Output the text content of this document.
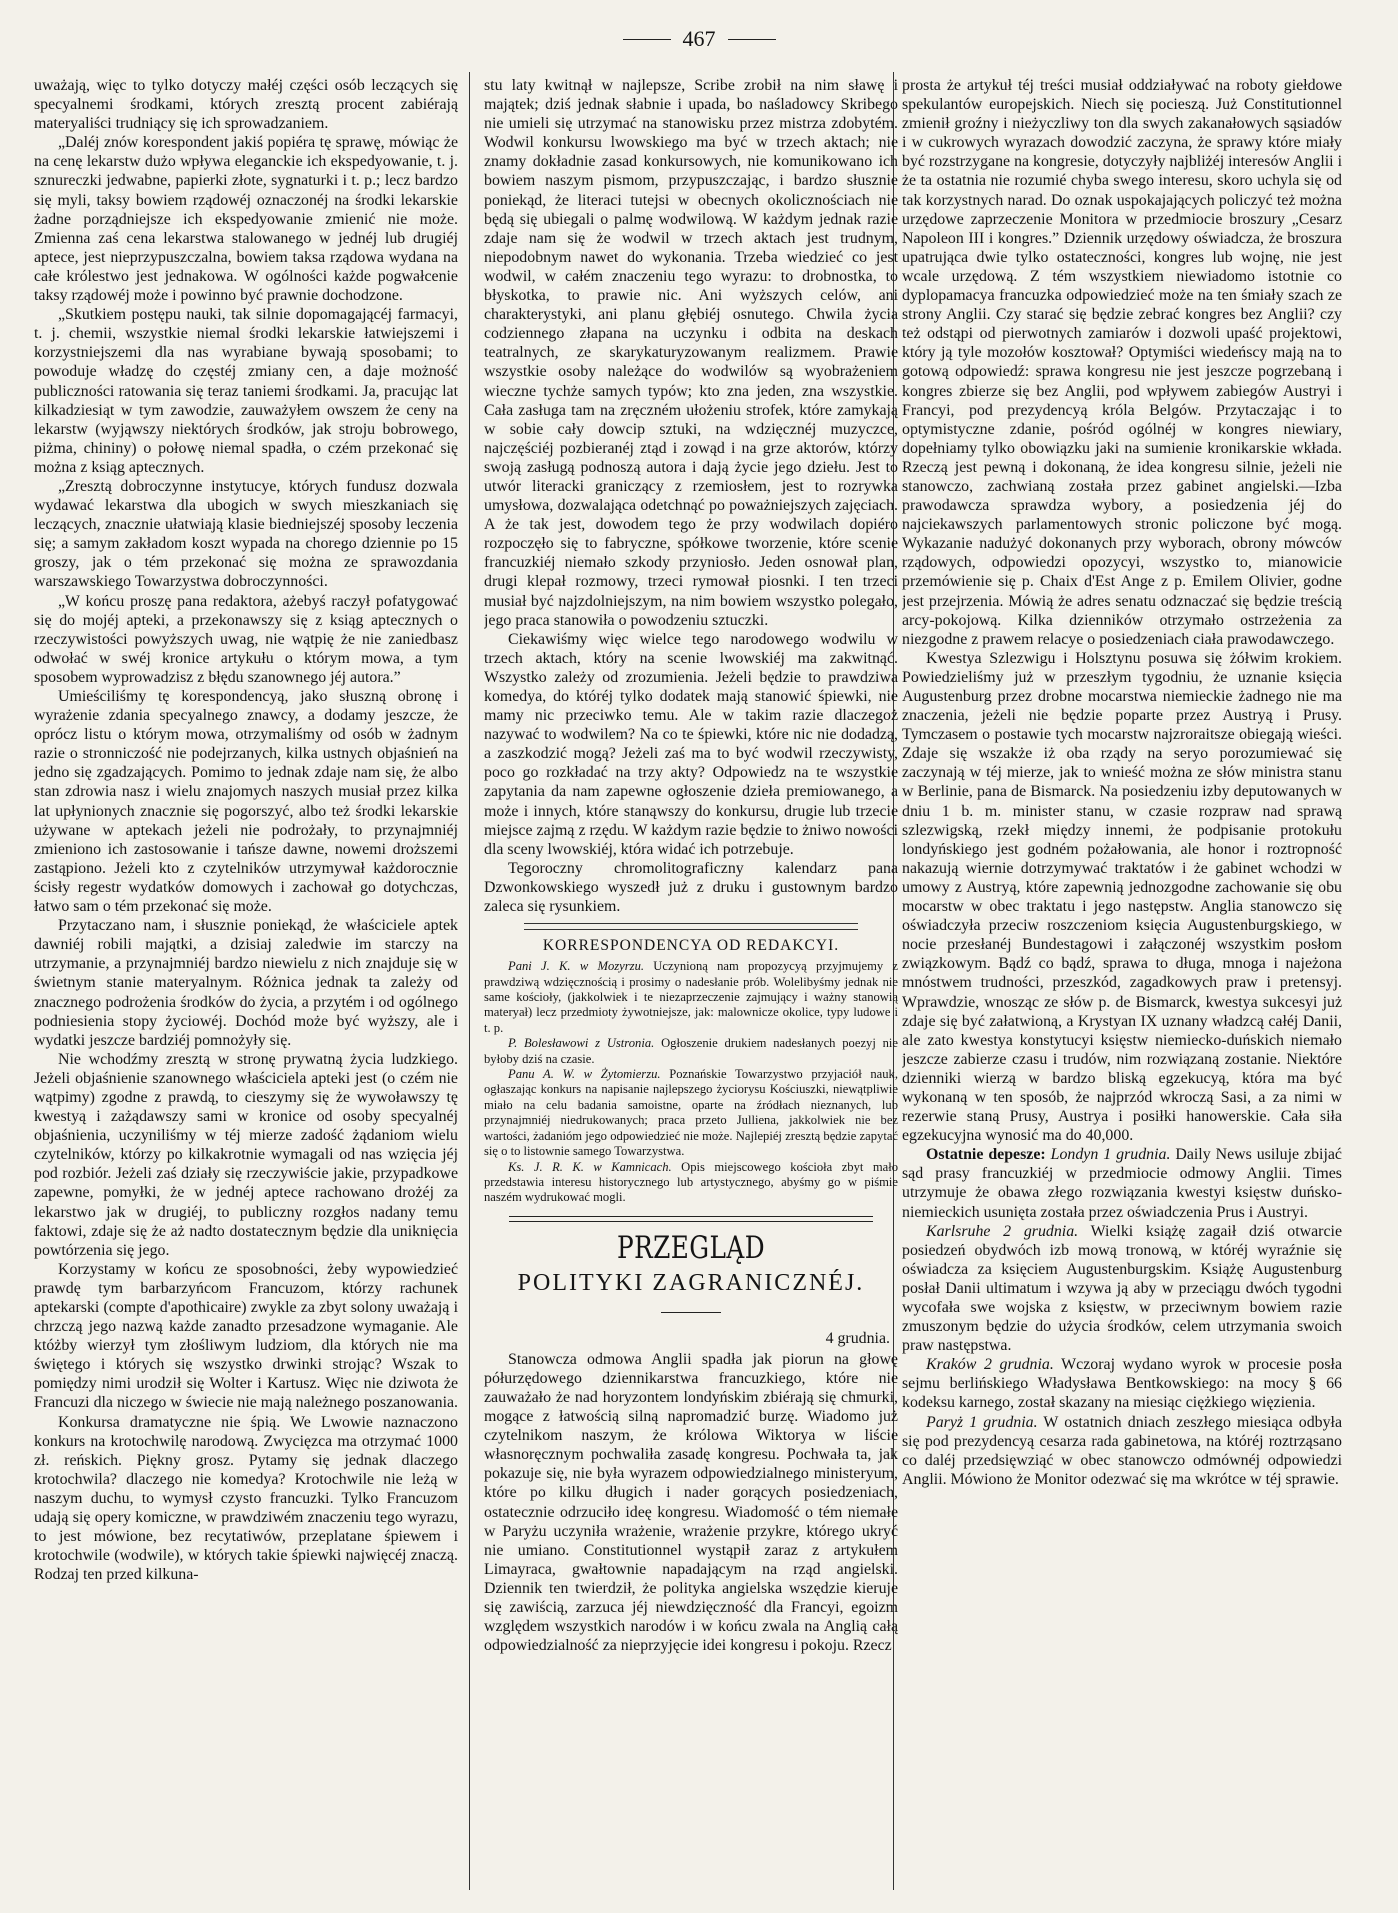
467

uważają, więc to tylko dotyczy małéj części osób leczących się specyalnemi środkami, których zresztą procent zabiérają materyaliści trudniący się ich sprowadzaniem.

„Daléj znów korespondent jakiś popiéra tę sprawę, mówiąc że na cenę lekarstw dużo wpływa eleganckie ich ekspedyowanie, t. j. sznureczki jedwabne, papierki złote, sygnaturki i t. p.; lecz bardzo się myli, taksy bowiem rządowéj oznaczonéj na środki lekarskie żadne porządniejsze ich ekspedyowanie zmienić nie może. Zmienna zaś cena lekarstwa stalowanego w jednéj lub drugiéj aptece, jest nieprzypuszczalna, bowiem taksa rządowa wydana na całe królestwo jest jednakowa. W ogólności każde pogwałcenie taksy rządowéj może i powinno być prawnie dochodzone.

„Skutkiem postępu nauki, tak silnie dopomagającéj farmacyi, t. j. chemii, wszystkie niemal środki lekarskie łatwiejszemi i korzystniejszemi dla nas wyrabiane bywają sposobami; to powoduje władzę do częstéj zmiany cen, a daje możność publiczności ratowania się teraz taniemi środkami. Ja, pracując lat kilkadziesiąt w tym zawodzie, zauważyłem owszem że ceny na lekarstw (wyjąwszy niektórych środków, jak stroju bobrowego, piżma, chininy) o połowę niemal spadła, o czém przekonać się można z ksiąg aptecznych.

„Zresztą dobroczynne instytucye, których fundusz dozwala wydawać lekarstwa dla ubogich w swych mieszkaniach się leczących, znacznie ułatwiają klasie biedniejszéj sposoby leczenia się; a samym zakładom koszt wypada na chorego dziennie po 15 groszy, jak o tém przekonać się można ze sprawozdania warszawskiego Towarzystwa dobroczynności.

„W końcu proszę pana redaktora, ażebyś raczył pofatygować się do mojéj apteki, a przekonawszy się z ksiąg aptecznych o rzeczywistości powyższych uwag, nie wątpię że nie zaniedbasz odwołać w swéj kronice artykułu o którym mowa, a tym sposobem wyprowadzisz z błędu szanownego jéj autora.”

Umieściliśmy tę korespondencyą, jako słuszną obronę i wyrażenie zdania specyalnego znawcy, a dodamy jeszcze, że oprócz listu o którym mowa, otrzymaliśmy od osób w żadnym razie o stronniczość nie podejrzanych, kilka ustnych objaśnień na jedno się zgadzających. Pomimo to jednak zdaje nam się, że albo stan zdrowia nasz i wielu znajomych naszych musiał przez kilka lat upłynionych znacznie się pogorszyć, albo też środki lekarskie używane w aptekach jeżeli nie podrożały, to przynajmniéj zmieniono ich zastosowanie i tańsze dawne, nowemi droższemi zastąpiono. Jeżeli kto z czytelników utrzymywał każdorocznie ścisły regestr wydatków domowych i zachował go dotychczas, łatwo sam o tém przekonać się może.

Przytaczano nam, i słusznie poniekąd, że właściciele aptek dawniéj robili majątki, a dzisiaj zaledwie im starczy na utrzymanie, a przynajmniéj bardzo niewielu z nich znajduje się w świetnym stanie materyalnym. Różnica jednak ta zależy od znacznego podrożenia środków do życia, a przytém i od ogólnego podniesienia stopy życiowéj. Dochód może być wyższy, ale i wydatki jeszcze bardziéj pomnożyły się.

Nie wchodźmy zresztą w stronę prywatną życia ludzkiego. Jeżeli objaśnienie szanownego właściciela apteki jest (o czém nie wątpimy) zgodne z prawdą, to cieszymy się że wywoławszy tę kwestyą i zażądawszy sami w kronice od osoby specyalnéj objaśnienia, uczyniliśmy w téj mierze zadość żądaniom wielu czytelników, którzy po kilkakrotnie wymagali od nas wzięcia jéj pod rozbiór. Jeżeli zaś działy się rzeczywiście jakie, przypadkowe zapewne, pomyłki, że w jednéj aptece rachowano drożéj za lekarstwo jak w drugiéj, to publiczny rozgłos nadany temu faktowi, zdaje się że aż nadto dostatecznym będzie dla uniknięcia powtórzenia się jego.

Korzystamy w końcu ze sposobności, żeby wypowiedzieć prawdę tym barbarzyńcom Francuzom, którzy rachunek aptekarski (compte d'apothicaire) zwykle za zbyt solony uważają i chrzczą jego nazwą każde zanadto przesadzone wymaganie. Ale któżby wierzył tym złośliwym ludziom, dla których nie ma świętego i których się wszystko drwinki strojąc? Wszak to pomiędzy nimi urodził się Wolter i Kartusz. Więc nie dziwota że Francuzi dla niczego w świecie nie mają należnego poszanowania.

Konkursa dramatyczne nie śpią. We Lwowie naznaczono konkurs na krotochwilę narodową. Zwycięzca ma otrzymać 1000 zł. reńskich. Piękny grosz. Pytamy się jednak dlaczego krotochwila? dlaczego nie komedya? Krotochwile nie leżą w naszym duchu, to wymysł czysto francuzki. Tylko Francuzom udają się opery komiczne, w prawdziwém znaczeniu tego wyrazu, to jest mówione, bez recytatiwów, przeplatane śpiewem i krotochwile (wodwile), w których takie śpiewki najwięcéj znaczą. Rodzaj ten przed kilkuna-

stu laty kwitnął w najlepsze, Scribe zrobił na nim sławę i majątek; dziś jednak słabnie i upada, bo naśladowcy Skribego nie umieli się utrzymać na stanowisku przez mistrza zdobytém. Wodwil konkursu lwowskiego ma być w trzech aktach; nie znamy dokładnie zasad konkursowych, nie komunikowano ich bowiem naszym pismom, przypuszczając, i bardzo słusznie poniekąd, że literaci tutejsi w obecnych okolicznościach nie będą się ubiegali o palmę wodwilową. W każdym jednak razie zdaje nam się że wodwil w trzech aktach jest trudnym, niepodobnym nawet do wykonania. Trzeba wiedzieć co jest wodwil, w całém znaczeniu tego wyrazu: to drobnostka, to błyskotka, to prawie nic. Ani wyższych celów, ani charakterystyki, ani planu głębiéj osnutego. Chwila życia codziennego złapana na uczynku i odbita na deskach teatralnych, ze skarykaturyzowanym realizmem. Prawie wszystkie osoby należące do wodwilów są wyobrażeniem wieczne tychże samych typów; kto zna jeden, zna wszystkie. Cała zasługa tam na zręczném ułożeniu strofek, które zamykają w sobie cały dowcip sztuki, na wdzięcznéj muzyczce, najczęściéj pozbieranéj ztąd i zowąd i na grze aktorów, którzy swoją zasługą podnoszą autora i dają życie jego dziełu. Jest to utwór literacki graniczący z rzemiosłem, jest to rozrywka umysłowa, dozwalająca odetchnąć po poważniejszych zajęciach. A że tak jest, dowodem tego że przy wodwilach dopiéro rozpoczęło się to fabryczne, spółkowe tworzenie, które scenie francuzkiéj niemało szkody przyniosło. Jeden osnował plan, drugi klepał rozmowy, trzeci rymował piosnki. I ten trzeci musiał być najzdolniejszym, na nim bowiem wszystko polegało, jego praca stanowiła o powodzeniu sztuczki.

Ciekawiśmy więc wielce tego narodowego wodwilu w trzech aktach, który na scenie lwowskiéj ma zakwitnąć. Wszystko zależy od zrozumienia. Jeżeli będzie to prawdziwa komedya, do któréj tylko dodatek mają stanowić śpiewki, nie mamy nic przeciwko temu. Ale w takim razie dlaczegoż nazywać to wodwilem? Na co te śpiewki, które nic nie dodadzą, a zaszkodzić mogą? Jeżeli zaś ma to być wodwil rzeczywisty, poco go rozkładać na trzy akty? Odpowiedz na te wszystkie zapytania da nam zapewne ogłoszenie dzieła premiowanego, a może i innych, które stanąwszy do konkursu, drugie lub trzecie miejsce zajmą z rzędu. W każdym razie będzie to żniwo nowości dla sceny lwowskiéj, która widać ich potrzebuje.

Tegoroczny chromolitograficzny kalendarz pana Dzwonkowskiego wyszedł już z druku i gustownym bardzo zaleca się rysunkiem.

KORRESPONDENCYA OD REDAKCYI.

Pani J. K. w Mozyrzu. Uczynioną nam propozycyą przyjmujemy z prawdziwą wdzięcznością i prosimy o nadesłanie prób. Wolelibyśmy jednak nie same kościoły, (jakkolwiek i te niezaprzeczenie zajmujący i ważny stanowią materyał) lecz przedmioty żywotniejsze, jak: malownicze okolice, typy ludowe i t. p.

P. Bolesławowi z Ustronia. Ogłoszenie drukiem nadesłanych poezyj nie byłoby dziś na czasie.

Panu A. W. w Żytomierzu. Poznańskie Towarzystwo przyjaciół nauk, ogłaszając konkurs na napisanie najlepszego życiorysu Kościuszki, niewątpliwie miało na celu badania samoistne, oparte na źródłach nieznanych, lub przynajmniéj niedrukowanych; praca przeto Julliena, jakkolwiek nie bez wartości, żadanióm jego odpowiedzieć nie może. Najlepiéj zresztą będzie zapytać się o to listownie samego Towarzystwa.

Ks. J. R. K. w Kamnicach. Opis miejscowego kościoła zbyt mało przedstawia interesu historycznego lub artystycznego, abyśmy go w piśmie naszém wydrukować mogli.

PRZEGLĄD
POLITYKI ZAGRANICZNÉJ.
4 grudnia.

Stanowcza odmowa Anglii spadła jak piorun na głowę półurzędowego dziennikarstwa francuzkiego, które nie zauważało że nad horyzontem londyńskim zbiérają się chmurki, mogące z łatwością silną napromadzić burzę. Wiadomo już czytelnikom naszym, że królowa Wiktorya w liście własnoręcznym pochwaliła zasadę kongresu. Pochwała ta, jak pokazuje się, nie była wyrazem odpowiedzialnego ministeryum, które po kilku długich i nader gorących posiedzeniach, ostatecznie odrzuciło ideę kongresu. Wiadomość o tém niemałe w Paryżu uczyniła wrażenie, wrażenie przykre, którego ukryć nie umiano. Constitutionnel wystąpił zaraz z artykułem Limayraca, gwałtownie napadającym na rząd angielski. Dziennik ten twierdził, że polityka angielska wszędzie kieruje się zawiścią, zarzuca jéj niewdzięczność dla Francyi, egoizm względem wszystkich narodów i w końcu zwala na Anglią całą odpowiedzialność za nieprzyjęcie idei kongresu i pokoju. Rzecz

prosta że artykuł téj treści musiał oddziaływać na roboty giełdowe spekulantów europejskich. Niech się pocieszą. Już Constitutionnel zmienił groźny i nieżyczliwy ton dla swych zakanałowych sąsiadów i w cukrowych wyrazach dowodzić zaczyna, że sprawy które miały być rozstrzygane na kongresie, dotyczyły najbliżéj interesów Anglii i że ta ostatnia nie rozumié chyba swego interesu, skoro uchyla się od tak korzystnych narad. Do oznak uspokajających policzyć też można urzędowe zaprzeczenie Monitora w przedmiocie broszury „Cesarz Napoleon III i kongres.” Dziennik urzędowy oświadcza, że broszura upatrująca dwie tylko ostateczności, kongres lub wojnę, nie jest wcale urzędową. Z tém wszystkiem niewiadomo istotnie co dyplopamacya francuzka odpowiedzieć może na ten śmiały szach ze strony Anglii. Czy starać się będzie zebrać kongres bez Anglii? czy też odstąpi od pierwotnych zamiarów i dozwoli upaść projektowi, który ją tyle mozołów kosztował? Optymiści wiedeńscy mają na to gotową odpowiedź: sprawa kongresu nie jest jeszcze pogrzebaną i kongres zbierze się bez Anglii, pod wpływem zabiegów Austryi i Francyi, pod prezydencyą króla Belgów. Przytaczając i to optymistyczne zdanie, pośród ogólnéj w kongres niewiary, dopełniamy tylko obowiązku jaki na sumienie kronikarskie wkłada. Rzeczą jest pewną i dokonaną, że idea kongresu silnie, jeżeli nie stanowczo, zachwianą została przez gabinet angielski.—Izba prawodawcza sprawdza wybory, a posiedzenia jéj do najciekawszych parlamentowych stronic policzone być mogą. Wykazanie nadużyć dokonanych przy wyborach, obrony mówców rządowych, odpowiedzi opozycyi, wszystko to, mianowicie przemówienie się p. Chaix d'Est Ange z p. Emilem Olivier, godne jest przejrzenia. Mówią że adres senatu odznaczać się będzie treścią arcy-pokojową. Kilka dzienników otrzymało ostrzeżenia za niezgodne z prawem relacye o posiedzeniach ciała prawodawczego.

Kwestya Szlezwigu i Holsztynu posuwa się żółwim krokiem. Powiedzieliśmy już w przeszłym tygodniu, że uznanie księcia Augustenburg przez drobne mocarstwa niemieckie żadnego nie ma znaczenia, jeżeli nie będzie poparte przez Austryą i Prusy. Tymczasem o postawie tych mocarstw najzroraitsze obiegają wieści. Zdaje się wszakże iż oba rządy na seryo porozumiewać się zaczynają w téj mierze, jak to wnieść można ze słów ministra stanu w Berlinie, pana de Bismarck. Na posiedzeniu izby deputowanych w dniu 1 b. m. minister stanu, w czasie rozpraw nad sprawą szlezwigską, rzekł między innemi, że podpisanie protokułu londyńskiego jest godném pożałowania, ale honor i roztropność nakazują wiernie dotrzymywać traktatów i że gabinet wchodzi w umowy z Austryą, które zapewnią jednozgodne zachowanie się obu mocarstw w obec traktatu i jego następstw. Anglia stanowczo się oświadczyła przeciw roszczeniom księcia Augustenburgskiego, w nocie przesłanéj Bundestagowi i załączonéj wszystkim posłom związkowym. Bądź co bądź, sprawa to długa, mnoga i najeżona mnóstwem trudności, przeszkód, zagadkowych praw i pretensyj. Wprawdzie, wnosząc ze słów p. de Bismarck, kwestya sukcesyi już zdaje się być załatwioną, a Krystyan IX uznany władzcą całéj Danii, ale zato kwestya konstytucyi księstw niemiecko-duńskich niemało jeszcze zabierze czasu i trudów, nim rozwiązaną zostanie. Niektóre dzienniki wierzą w bardzo bliską egzekucyą, która ma być wykonaną w ten sposób, że najprzód wkroczą Sasi, a za nimi w rezerwie staną Prusy, Austrya i posiłki hanowerskie. Cała siła egzekucyjna wynosić ma do 40,000.

Ostatnie depesze: Londyn 1 grudnia. Daily News usiluje zbijać sąd prasy francuzkiéj w przedmiocie odmowy Anglii. Times utrzymuje że obawa złego rozwiązania kwestyi księstw duńsko-niemieckich usunięta została przez oświadczenia Prus i Austryi.

Karlsruhe 2 grudnia. Wielki książę zagaił dziś otwarcie posiedzeń obydwóch izb mową tronową, w któréj wyraźnie się oświadcza za księciem Augustenburgskim. Książę Augustenburg posłał Danii ultimatum i wzywa ją aby w przeciągu dwóch tygodni wycofała swe wojska z księstw, w przeciwnym bowiem razie zmuszonym będzie do użycia środków, celem utrzymania swoich praw następstwa.

Kraków 2 grudnia. Wczoraj wydano wyrok w procesie posła sejmu berlińskiego Władysława Bentkowskiego: na mocy § 66 kodeksu karnego, został skazany na miesiąc ciężkiego więzienia.

Paryż 1 grudnia. W ostatnich dniach zeszłego miesiąca odbyła się pod prezydencyą cesarza rada gabinetowa, na któréj roztrząsano co daléj przedsięwziąć w obec stanowczo odmównéj odpowiedzi Anglii. Mówiono że Monitor odezwać się ma wkrótce w téj sprawie.
